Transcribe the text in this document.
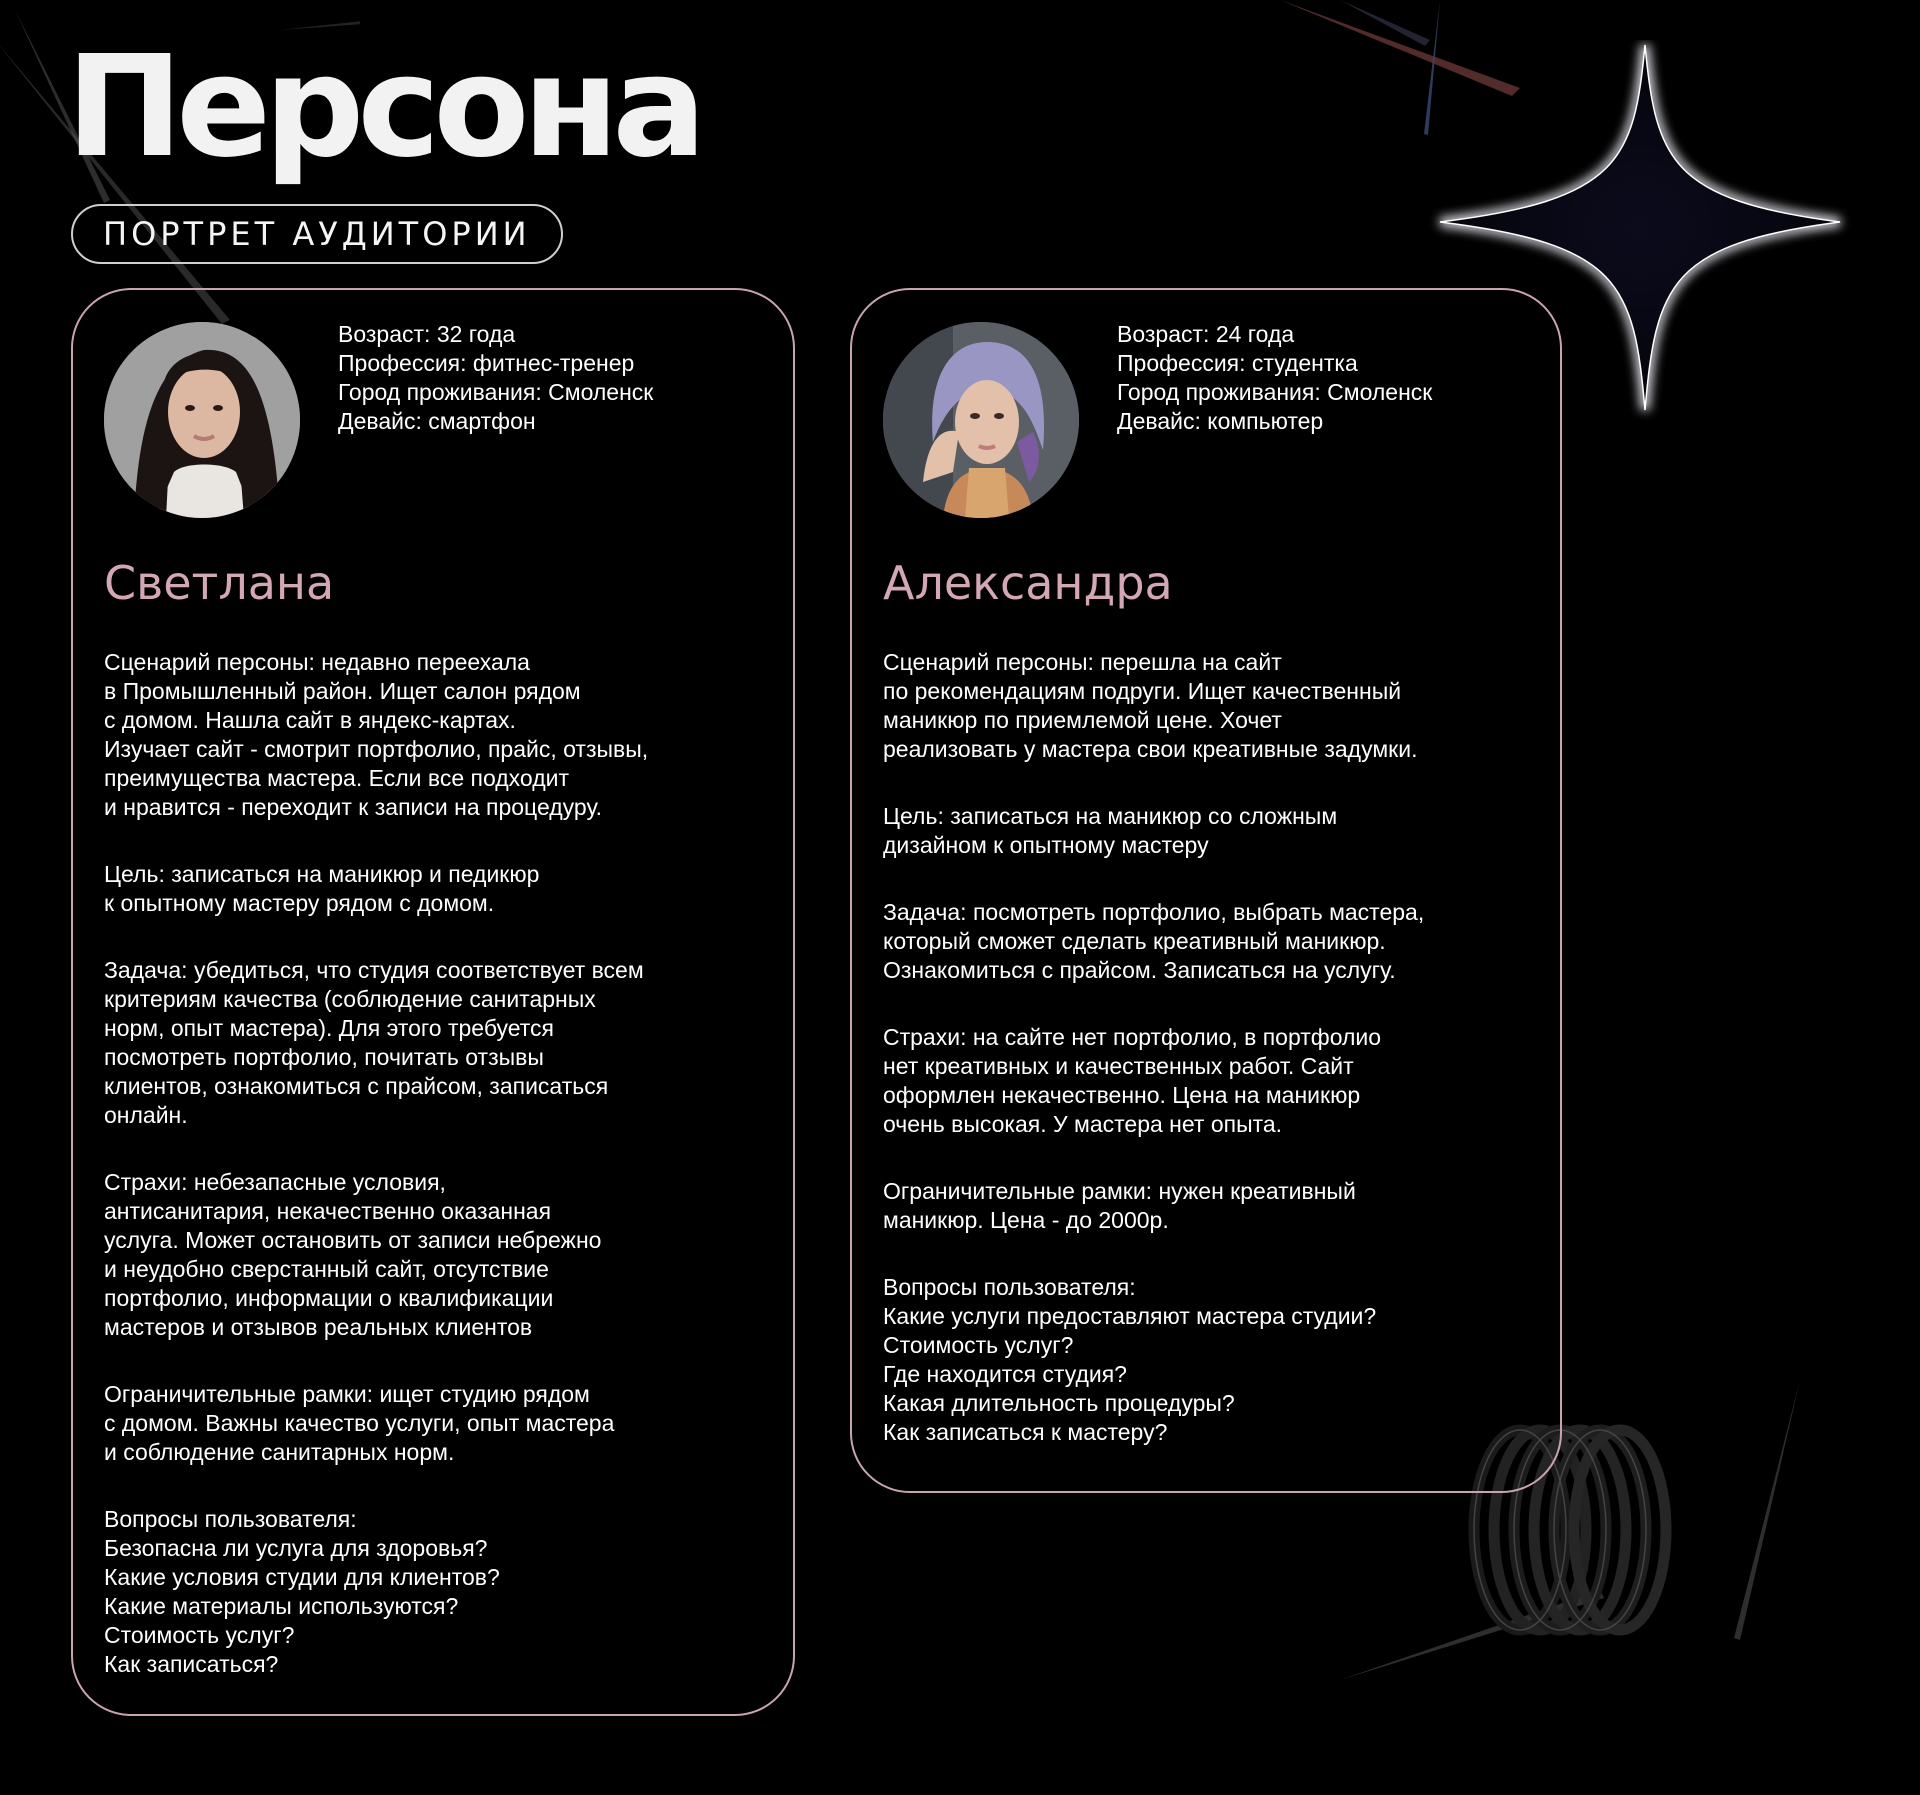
Персона
ПОРТРЕТ АУДИТОРИИ
Возраст: 32 года
Профессия: фитнес-тренер
Город проживания: Смоленск
Девайс: смартфон
Светлана

Сценарий персоны: недавно переехала
в Промышленный район. Ищет салон рядом
с домом. Нашла сайт в яндекс-картах.
Изучает сайт - смотрит портфолио, прайс, отзывы,
преимущества мастера. Если все подходит
и нравится - переходит к записи на процедуру.

Цель: записаться на маникюр и педикюр
к опытному мастеру рядом с домом.

Задача: убедиться, что студия соответствует всем
критериям качества (соблюдение санитарных
норм, опыт мастера). Для этого требуется
посмотреть портфолио, почитать отзывы
клиентов, ознакомиться с прайсом, записаться
онлайн.

Страхи: небезапасные условия,
антисанитария, некачественно оказанная
услуга. Может остановить от записи небрежно
и неудобно сверстанный сайт, отсутствие
портфолио, информации о квалификации
мастеров и отзывов реальных клиентов

Ограничительные рамки: ищет студию рядом
с домом. Важны качество услуги, опыт мастера
и соблюдение санитарных норм.

Вопросы пользователя:
Безопасна ли услуга для здоровья?
Какие условия студии для клиентов?
Какие материалы используются?
Стоимость услуг?
Как записаться?

Возраст: 24 года
Профессия: студентка
Город проживания: Смоленск
Девайс: компьютер
Александра

Сценарий персоны: перешла на сайт
по рекомендациям подруги. Ищет качественный
маникюр по приемлемой цене. Хочет
реализовать у мастера свои креативные задумки.

Цель: записаться на маникюр со сложным
дизайном к опытному мастеру

Задача: посмотреть портфолио, выбрать мастера,
который сможет сделать креативный маникюр.
Ознакомиться с прайсом. Записаться на услугу.

Страхи: на сайте нет портфолио, в портфолио
нет креативных и качественных работ. Сайт
оформлен некачественно. Цена на маникюр
очень высокая. У мастера нет опыта.

Ограничительные рамки: нужен креативный
маникюр. Цена - до 2000р.

Вопросы пользователя:
Какие услуги предоставляют мастера студии?
Стоимость услуг?
Где находится студия?
Какая длительность процедуры?
Как записаться к мастеру?
